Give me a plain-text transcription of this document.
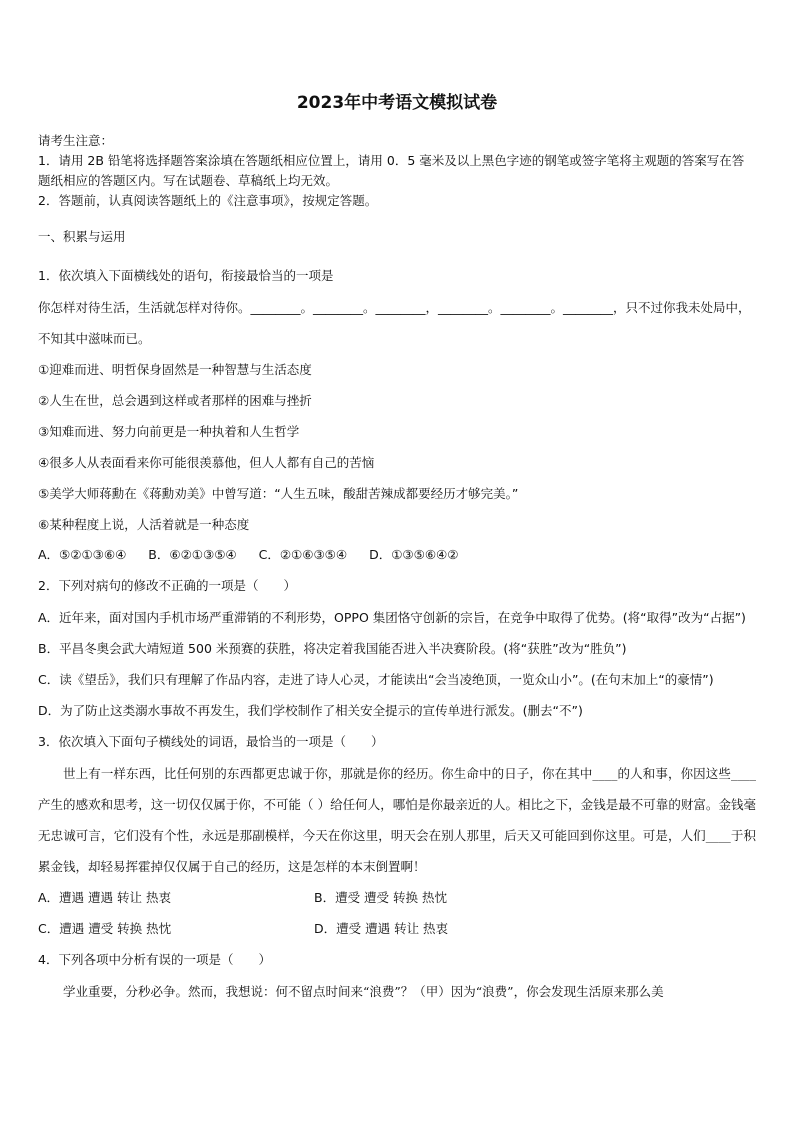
2023年中考语文模拟试卷

请考生注意：

1．请用 2B 铅笔将选择题答案涂填在答题纸相应位置上，请用 0．5 毫米及以上黑色字迹的钢笔或签字笔将主观题的答案写在答题纸相应的答题区内。写在试题卷、草稿纸上均无效。

2．答题前，认真阅读答题纸上的《注意事项》，按规定答题。

一、积累与运用

1．依次填入下面横线处的语句，衔接最恰当的一项是

你怎样对待生活，生活就怎样对待你。________。________。________，________。________。________，只不过你我未处局中，不知其中滋味而已。

①迎难而进、明哲保身固然是一种智慧与生活态度

②人生在世，总会遇到这样或者那样的困难与挫折

③知难而进、努力向前更是一种执着和人生哲学

④很多人从表面看来你可能很羡慕他，但人人都有自己的苦恼

⑤美学大师蒋勳在《蒋勳劝美》中曾写道：“人生五味，酸甜苦辣成都要经历才够完美。”

⑥某种程度上说，人活着就是一种态度

A．⑤②①③⑥④ B．⑥②①③⑤④ C．②①⑥③⑤④ D．①③⑤⑥④②

2．下列对病句的修改不正确的一项是（　　）

A．近年来，面对国内手机市场严重滞销的不利形势，OPPO 集团恪守创新的宗旨，在竞争中取得了优势。(将“取得”改为“占据”)

B．平昌冬奥会武大靖短道 500 米预赛的获胜，将决定着我国能否进入半决赛阶段。(将“获胜”改为“胜负”)

C．读《望岳》，我们只有理解了作品内容，走进了诗人心灵，才能读出“会当凌绝顶，一览众山小”。(在句末加上“的豪情”)

D．为了防止这类溺水事故不再发生，我们学校制作了相关安全提示的宣传单进行派发。(删去“不”)

3．依次填入下面句子横线处的词语，最恰当的一项是（　　）

世上有一样东西，比任何别的东西都更忠诚于你，那就是你的经历。你生命中的日子，你在其中____的人和事，你因这些____产生的感欢和思考，这一切仅仅属于你，不可能（ ）给任何人，哪怕是你最亲近的人。相比之下，金钱是最不可靠的财富。金钱毫无忠诚可言，它们没有个性，永远是那副模样，今天在你这里，明天会在别人那里，后天又可能回到你这里。可是，人们____于积累金钱，却轻易挥霍掉仅仅属于自己的经历，这是怎样的本末倒置啊！

A．遭遇 遭遇 转让 热衷	B．遭受 遭受 转换 热忱
C．遭遇 遭受 转换 热忱	D．遭受 遭遇 转让 热衷

4．下列各项中分析有误的一项是（　　）

学业重要，分秒必争。然而，我想说：何不留点时间来“浪费”？（甲）因为“浪费”，你会发现生活原来那么美
